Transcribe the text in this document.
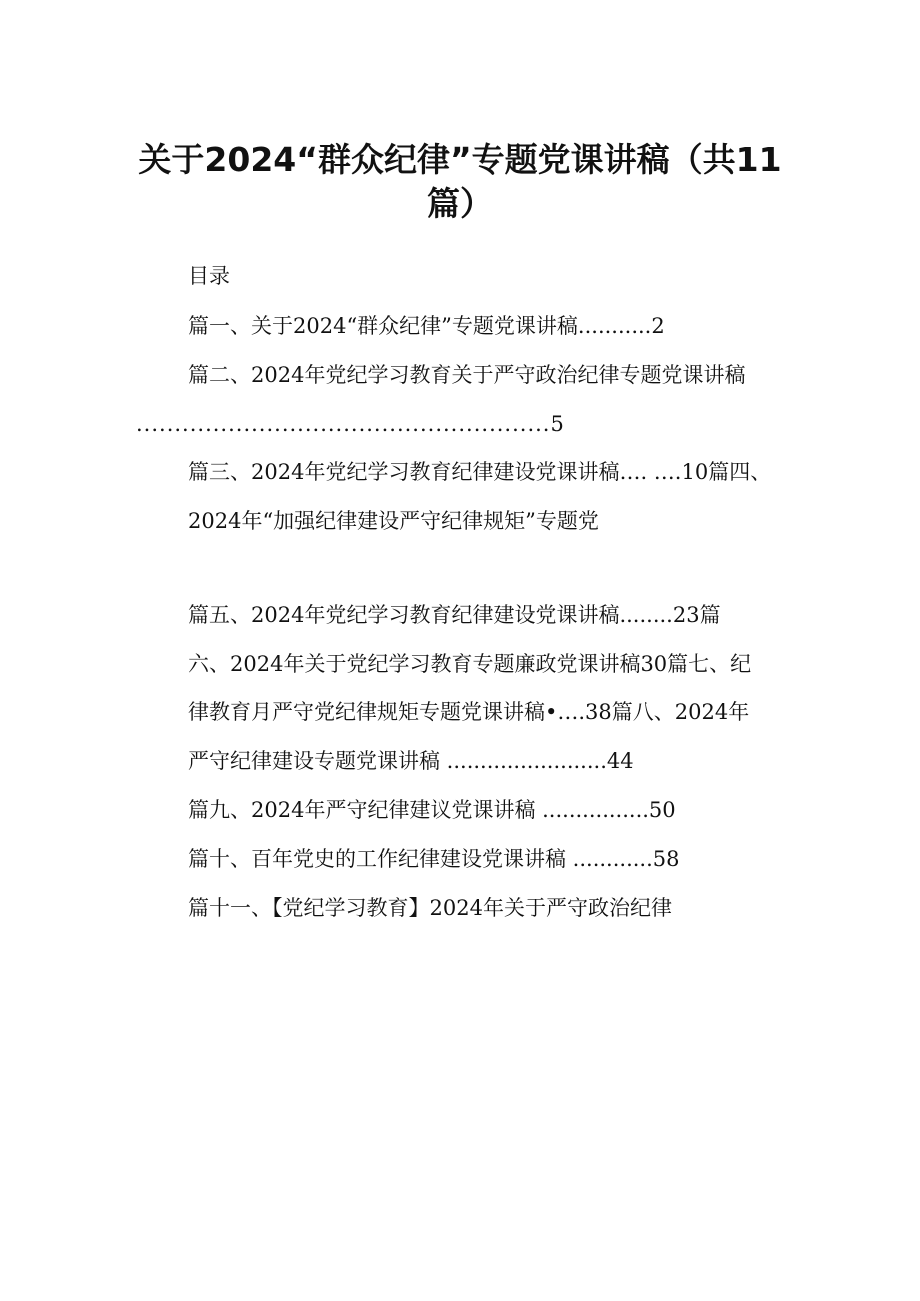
关于2024“群众纪律”专题党课讲稿（共11
篇）
目录
篇一、关于2024“群众纪律”专题党课讲稿...........2
篇二、2024年党纪学习教育关于严守政治纪律专题党课讲稿
......................................................5
篇三、2024年党纪学习教育纪律建设党课讲稿…. ….10篇四、
2024年“加强纪律建设严守纪律规矩”专题党
篇五、2024年党纪学习教育纪律建设党课讲稿........23篇
六、2024年关于党纪学习教育专题廉政党课讲稿30篇七、纪
律教育月严守党纪律规矩专题党课讲稿•….38篇八、2024年
严守纪律建设专题党课讲稿 ........................44
篇九、2024年严守纪律建议党课讲稿 ................50
篇十、百年党史的工作纪律建设党课讲稿 ............58
篇十一、【党纪学习教育】2024年关于严守政治纪律
